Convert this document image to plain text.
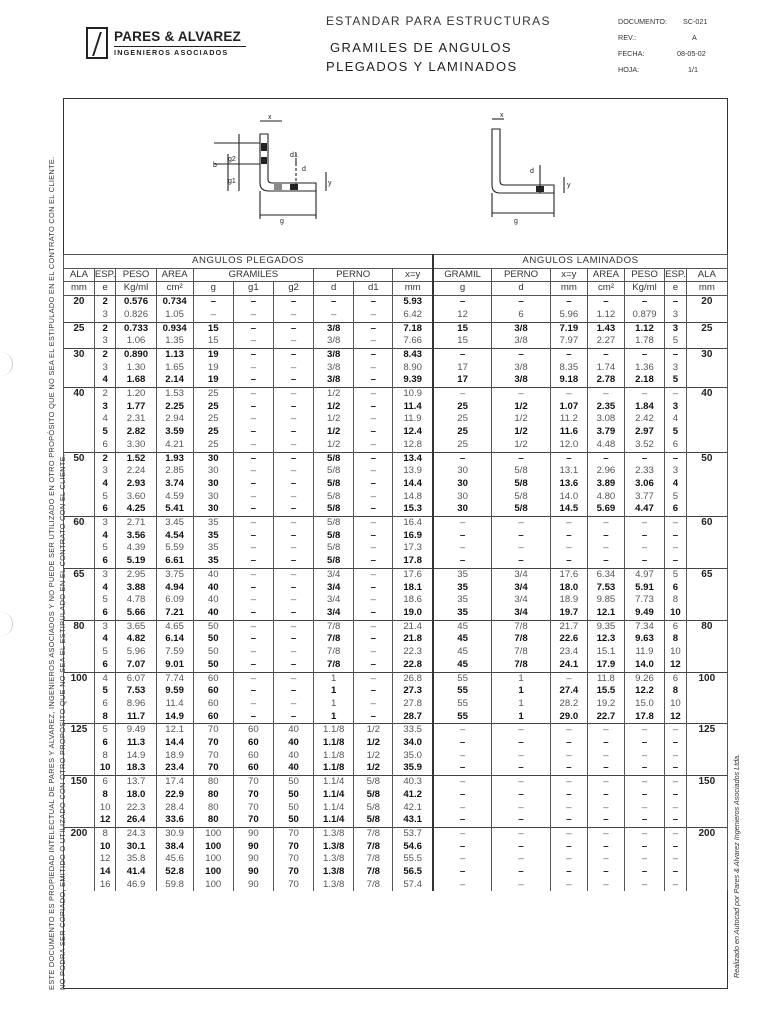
PARES & ALVAREZ
INGENIEROS ASOCIADOS
ESTANDAR PARA ESTRUCTURAS
GRAMILES DE ANGULOS
PLEGADOS Y LAMINADOS
DOCUMENTO: SC-021
REV.:	A
FECHA:	08-05-02
HOJA:	1/1
b
g2
g1
x
d1
d
y
g
x
d
y
g
ANGULOS PLEGADOS										ANGULOS LAMINADOS						
ALA	ESP.	PESO	AREA	GRAMILES			PERNO		x=y	GRAMIL	PERNO	x=y	AREA	PESO	ESP.	ALA
mm	e	Kg/ml	cm²	g	g1	g2	d	d1	mm	g	d	mm	cm²	Kg/ml	e	mm
20	2	0.576	0.734	–	–	–	–	–	5.93	–	–	–	–	–	–	20
	3	0.826	1.05	–	–	–	–	–	6.42	12	6	5.96	1.12	0.879	3	
25	2	0.733	0.934	15	–	–	3/8	–	7.18	15	3/8	7.19	1.43	1.12	3	25
	3	1.06	1.35	15	–	–	3/8	–	7.66	15	3/8	7.97	2.27	1.78	5	
30	2	0.890	1.13	19	–	–	3/8	–	8.43	–	–	–	–	–	–	30
	3	1.30	1.65	19	–	–	3/8	–	8.90	17	3/8	8.35	1.74	1.36	3	
	4	1.68	2.14	19	–	–	3/8	–	9.39	17	3/8	9.18	2.78	2.18	5	
40	2	1.20	1.53	25	–	–	1/2	–	10.9	–	–	–	–	–	–	40
	3	1.77	2.25	25	–	–	1/2	–	11.4	25	1/2	1.07	2.35	1.84	3	
	4	2.31	2.94	25	–	–	1/2	–	11.9	25	1/2	11.2	3.08	2.42	4	
	5	2.82	3.59	25	–	–	1/2	–	12.4	25	1/2	11.6	3.79	2.97	5	
	6	3.30	4.21	25	–	–	1/2	–	12.8	25	1/2	12.0	4.48	3.52	6	
50	2	1.52	1.93	30	–	–	5/8	–	13.4	–	–	–	–	–	–	50
	3	2.24	2.85	30	–	–	5/8	–	13.9	30	5/8	13.1	2.96	2.33	3	
	4	2.93	3.74	30	–	–	5/8	–	14.4	30	5/8	13.6	3.89	3.06	4	
	5	3.60	4.59	30	–	–	5/8	–	14.8	30	5/8	14.0	4.80	3.77	5	
	6	4.25	5.41	30	–	–	5/8	–	15.3	30	5/8	14.5	5.69	4.47	6	
60	3	2.71	3.45	35	–	–	5/8	–	16.4	–	–	–	–	–	–	60
	4	3.56	4.54	35	–	–	5/8	–	16.9	–	–	–	–	–	–	
	5	4.39	5.59	35	–	–	5/8	–	17.3	–	–	–	–	–	–	
	6	5.19	6.61	35	–	–	5/8	–	17.8	–	–	–	–	–	–	
65	3	2.95	3.75	40	–	–	3/4	–	17.6	35	3/4	17.6	6.34	4.97	5	65
	4	3.88	4.94	40	–	–	3/4	–	18.1	35	3/4	18.0	7.53	5.91	6	
	5	4.78	6.09	40	–	–	3/4	–	18.6	35	3/4	18.9	9.85	7.73	8	
	6	5.66	7.21	40	–	–	3/4	–	19.0	35	3/4	19.7	12.1	9.49	10	
80	3	3.65	4.65	50	–	–	7/8	–	21.4	45	7/8	21.7	9.35	7.34	6	80
	4	4.82	6.14	50	–	–	7/8	–	21.8	45	7/8	22.6	12.3	9.63	8	
	5	5.96	7.59	50	–	–	7/8	–	22.3	45	7/8	23.4	15.1	11.9	10	
	6	7.07	9.01	50	–	–	7/8	–	22.8	45	7/8	24.1	17.9	14.0	12	
100	4	6.07	7.74	60	–	–	1	–	26.8	55	1	–	11.8	9.26	6	100
	5	7.53	9.59	60	–	–	1	–	27.3	55	1	27.4	15.5	12.2	8	
	6	8.96	11.4	60	–	–	1	–	27.8	55	1	28.2	19.2	15.0	10	
	8	11.7	14.9	60	–	–	1	–	28.7	55	1	29.0	22.7	17.8	12	
125	5	9.49	12.1	70	60	40	1.1/8	1/2	33.5	–	–	–	–	–	–	125
	6	11.3	14.4	70	60	40	1.1/8	1/2	34.0	–	–	–	–	–	–	
	8	14.9	18.9	70	60	40	1.1/8	1/2	35.0	–	–	–	–	–	–	
	10	18.3	23.4	70	60	40	1.1/8	1/2	35.9	–	–	–	–	–	–	
150	6	13.7	17.4	80	70	50	1.1/4	5/8	40.3	–	–	–	–	–	–	150
	8	18.0	22.9	80	70	50	1.1/4	5/8	41.2	–	–	–	–	–	–	
	10	22.3	28.4	80	70	50	1.1/4	5/8	42.1	–	–	–	–	–	–	
	12	26.4	33.6	80	70	50	1.1/4	5/8	43.1	–	–	–	–	–	–	
200	8	24.3	30.9	100	90	70	1.3/8	7/8	53.7	–	–	–	–	–	–	200
	10	30.1	38.4	100	90	70	1.3/8	7/8	54.6	–	–	–	–	–	–	
	12	35.8	45.6	100	90	70	1.3/8	7/8	55.5	–	–	–	–	–	–	
	14	41.4	52.8	100	90	70	1.3/8	7/8	56.5	–	–	–	–	–	–	
	16	46.9	59.8	100	90	70	1.3/8	7/8	57.4	–	–	–	–	–	–	
ESTE DOCUMENTO ES PROPIEDAD INTELECTUAL DE PARES Y ALVAREZ, INGENIEROS ASOCIADOS Y NO PUEDE SER UTILIZADO EN OTRO PROPÓSITO QUE NO SEA EL ESTIPULADO EN EL CONTRATO CON EL CLIENTE. NO PODRA SER COPIADO, EMITIDO O UTILIZADO CON OTRO PROPOSITO QUE NO SEA EL ESTIPULADO EN EL CONTRATO CON EL CLIENTE.	Realizado en Autocad por Pares & Alvarez Ingenieros Asociados Ltda.
